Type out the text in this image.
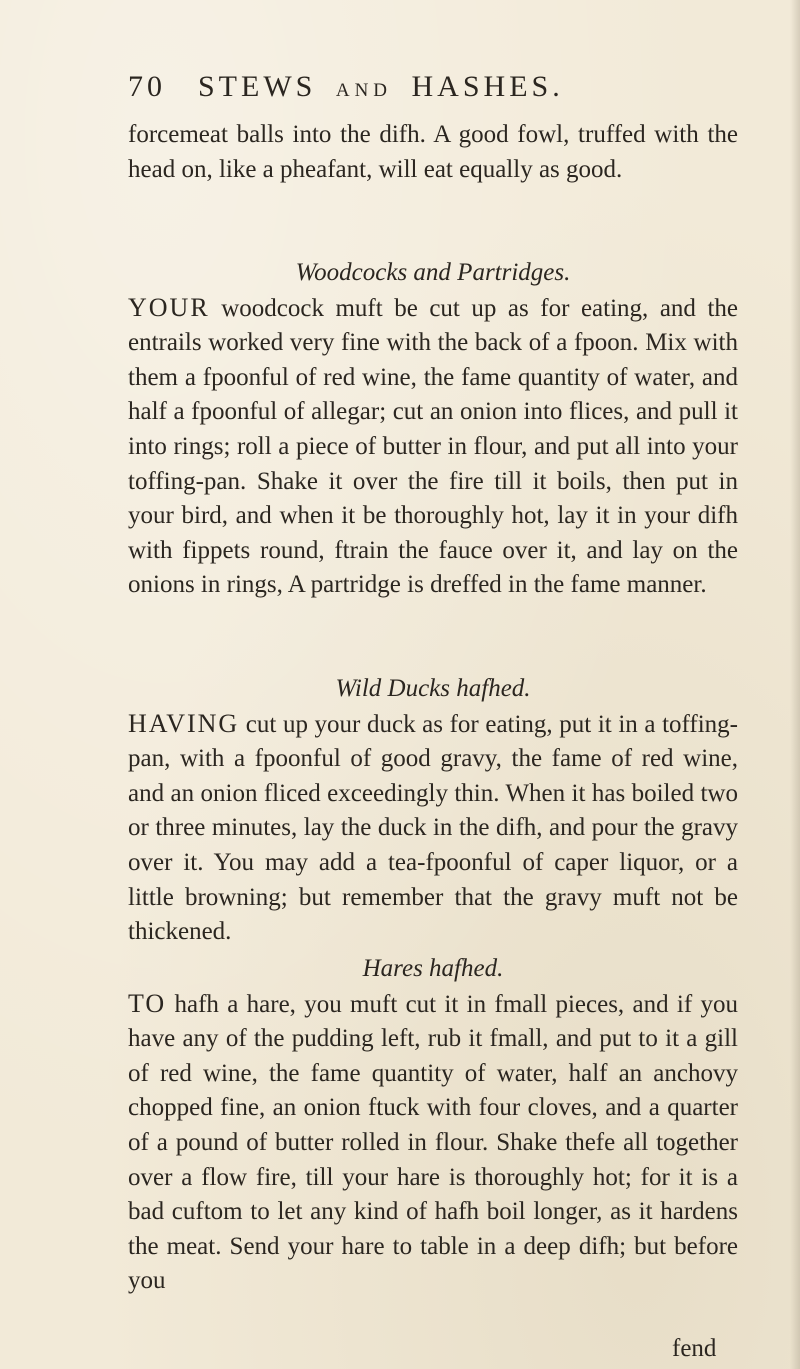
70 STEWS AND HASHES.

forcemeat balls into the difh. A good fowl, truffed with the head on, like a pheafant, will eat equally as good.

Woodcocks and Partridges.

YOUR woodcock muft be cut up as for eating, and the entrails worked very fine with the back of a fpoon. Mix with them a fpoonful of red wine, the fame quantity of water, and half a fpoonful of allegar; cut an onion into flices, and pull it into rings; roll a piece of butter in flour, and put all into your toffing-pan. Shake it over the fire till it boils, then put in your bird, and when it be thoroughly hot, lay it in your difh with fippets round, ftrain the fauce over it, and lay on the onions in rings, A partridge is dreffed in the fame manner.

Wild Ducks hafhed.

HAVING cut up your duck as for eating, put it in a toffing-pan, with a fpoonful of good gravy, the fame of red wine, and an onion fliced exceedingly thin. When it has boiled two or three minutes, lay the duck in the difh, and pour the gravy over it. You may add a tea-fpoonful of caper liquor, or a little browning; but remember that the gravy muft not be thickened.

Hares hafhed.

TO hafh a hare, you muft cut it in fmall pieces, and if you have any of the pudding left, rub it fmall, and put to it a gill of red wine, the fame quantity of water, half an anchovy chopped fine, an onion ftuck with four cloves, and a quarter of a pound of butter rolled in flour. Shake thefe all together over a flow fire, till your hare is thoroughly hot; for it is a bad cuftom to let any kind of hafh boil longer, as it hardens the meat. Send your hare to table in a deep difh; but before you

fend
